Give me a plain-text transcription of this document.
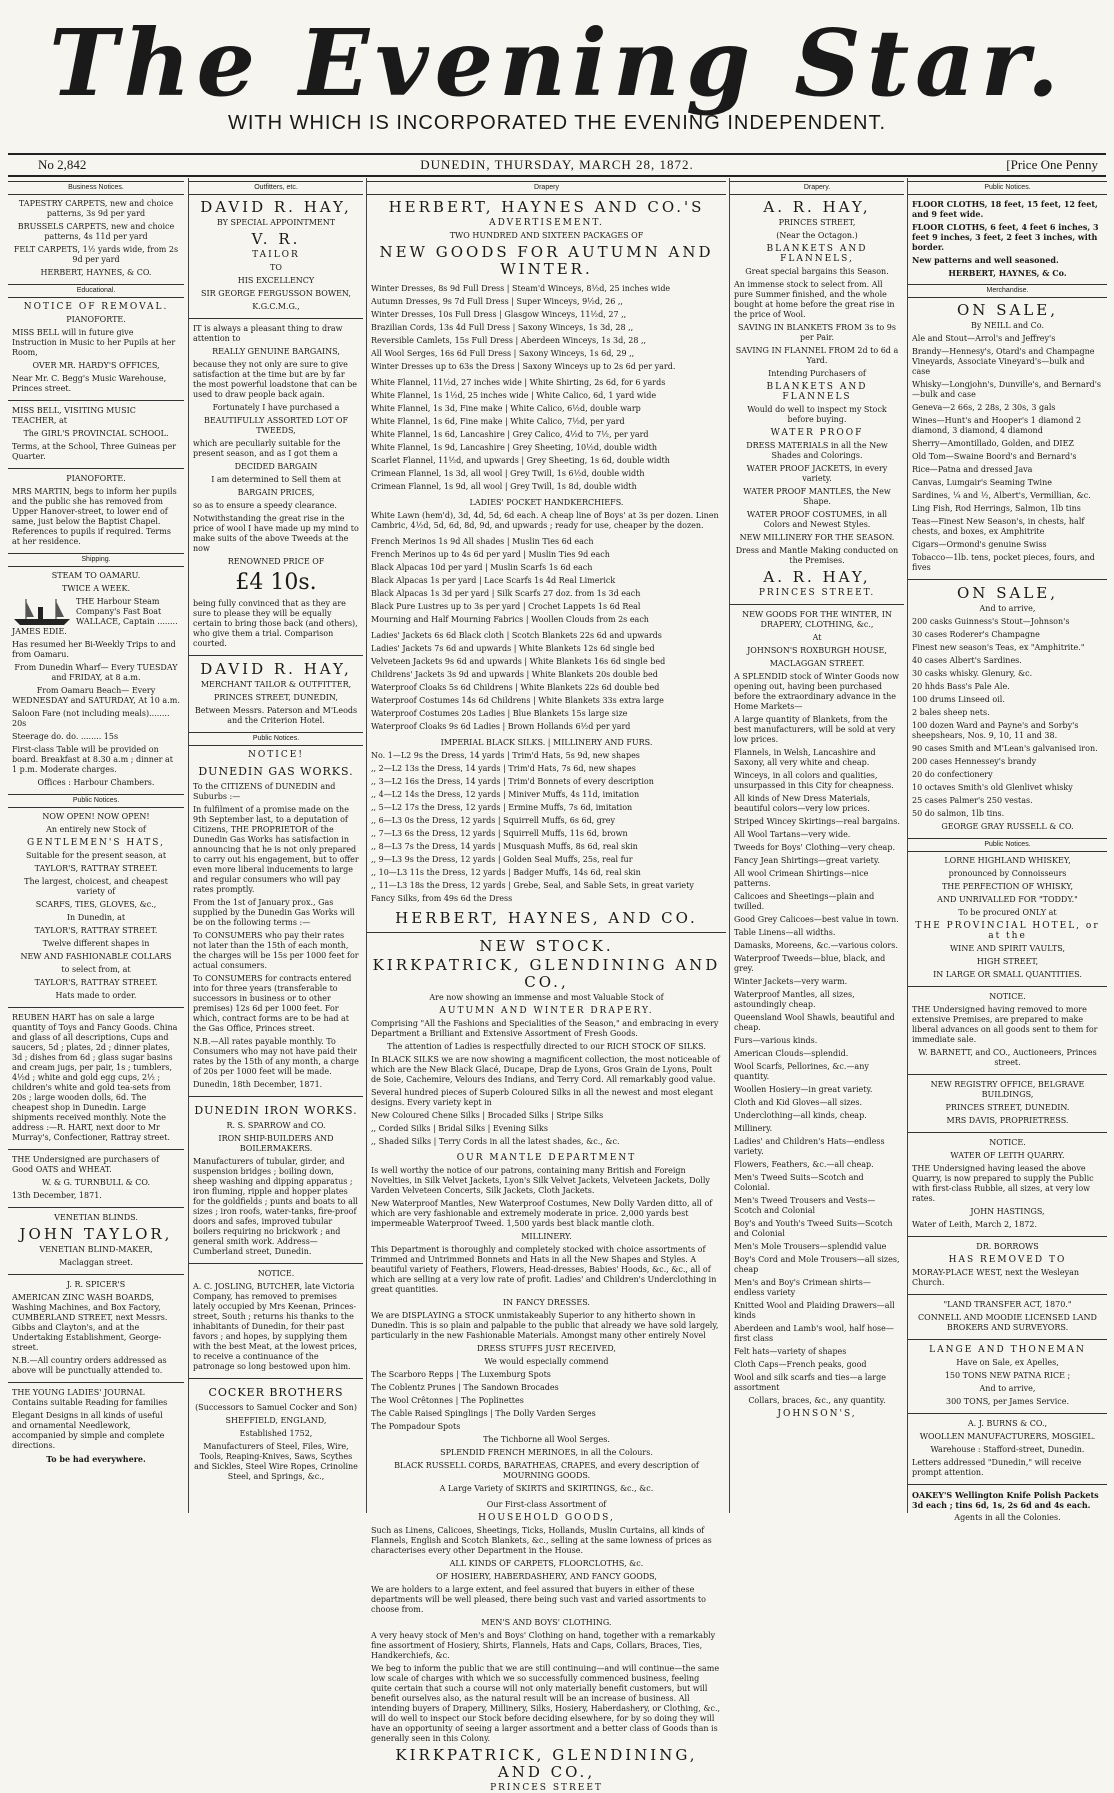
The Evening Star.
WITH WHICH IS INCORPORATED THE EVENING INDEPENDENT.
No 2,842	DUNEDIN, THURSDAY, MARCH 28, 1872.	[Price One Penny
Business Notices.

TAPESTRY CARPETS, new and choice patterns, 3s 9d per yard

BRUSSELS CARPETS, new and choice patterns, 4s 11d per yard

FELT CARPETS, 1½ yards wide, from 2s 9d per yard

HERBERT, HAYNES, & CO.

Educational.

NOTICE OF REMOVAL.

PIANOFORTE.

MISS BELL will in future give Instruction in Music to her Pupils at her Room,

OVER MR. HARDY'S OFFICES,

Near Mr. C. Begg's Music Warehouse, Princes street.

MISS BELL, VISITING MUSIC TEACHER, at

The GIRL'S PROVINCIAL SCHOOL.

Terms, at the School, Three Guineas per Quarter.

PIANOFORTE.

MRS MARTIN, begs to inform her pupils and the public she has removed from Upper Hanover-street, to lower end of same, just below the Baptist Chapel. References to pupils if required. Terms at her residence.

Shipping.

STEAM TO OAMARU.

TWICE A WEEK.

THE Harbour Steam Company's Fast Boat WALLACE, Captain ........ JAMES EDIE.

Has resumed her Bi-Weekly Trips to and from Oamaru.

From Dunedin Wharf— Every TUESDAY and FRIDAY, at 8 a.m.

From Oamaru Beach— Every WEDNESDAY and SATURDAY, At 10 a.m.

Saloon Fare (not including meals)........ 20s

Steerage do. do. ........ 15s

First-class Table will be provided on board. Breakfast at 8.30 a.m ; dinner at 1 p.m. Moderate charges.

Offices : Harbour Chambers.

Public Notices.

NOW OPEN! NOW OPEN!

An entirely new Stock of

GENTLEMEN'S HATS,

Suitable for the present season, at

TAYLOR'S, RATTRAY STREET.

The largest, choicest, and cheapest variety of

SCARFS, TIES, GLOVES, &c.,

In Dunedin, at

TAYLOR'S, RATTRAY STREET.

Twelve different shapes in

NEW AND FASHIONABLE COLLARS

to select from, at

TAYLOR'S, RATTRAY STREET.

Hats made to order.

REUBEN HART has on sale a large quantity of Toys and Fancy Goods. China and glass of all descriptions, Cups and saucers, 5d ; plates, 2d ; dinner plates, 3d ; dishes from 6d ; glass sugar basins and cream jugs, per pair, 1s ; tumblers, 4½d ; white and gold egg cups, 2½ ; children's white and gold tea-sets from 20s ; large wooden dolls, 6d. The cheapest shop in Dunedin. Large shipments received monthly. Note the address :—R. HART, next door to Mr Murray's, Confectioner, Rattray street.

THE Undersigned are purchasers of Good OATS and WHEAT.

W. & G. TURNBULL & CO.

13th December, 1871.

VENETIAN BLINDS.

JOHN TAYLOR,

VENETIAN BLIND-MAKER,

Maclaggan street.

J. R. SPICER'S

AMERICAN ZINC WASH BOARDS, Washing Machines, and Box Factory, CUMBERLAND STREET, next Messrs. Gibbs and Clayton's, and at the Undertaking Establishment, George-street.

N.B.—All country orders addressed as above will be punctually attended to.

THE YOUNG LADIES' JOURNAL Contains suitable Reading for families

Elegant Designs in all kinds of useful and ornamental Needlework, accompanied by simple and complete directions.

To be had everywhere.

Outfitters, etc.

DAVID R. HAY,

BY SPECIAL APPOINTMENT

V. R.

TAILOR

TO

HIS EXCELLENCY

SIR GEORGE FERGUSSON BOWEN,

K.G.C.M.G.,

IT is always a pleasant thing to draw attention to

REALLY GENUINE BARGAINS,

because they not only are sure to give satisfaction at the time but are by far the most powerful loadstone that can be used to draw people back again.

Fortunately I have purchased a

BEAUTIFULLY ASSORTED LOT OF TWEEDS,

which are peculiarly suitable for the present season, and as I got them a

DECIDED BARGAIN

I am determined to Sell them at

BARGAIN PRICES,

so as to ensure a speedy clearance.

Notwithstanding the great rise in the price of wool I have made up my mind to make suits of the above Tweeds at the now

RENOWNED PRICE OF

£4 10s.

being fully convinced that as they are sure to please they will be equally certain to bring those back (and others), who give them a trial. Comparison courted.

DAVID R. HAY,

MERCHANT TAILOR & OUTFITTER,

PRINCES STREET, DUNEDIN,

Between Messrs. Paterson and M'Leods and the Criterion Hotel.

Public Notices.

NOTICE!

DUNEDIN GAS WORKS.

To the CITIZENS of DUNEDIN and Suburbs :—

In fulfilment of a promise made on the 9th September last, to a deputation of Citizens, THE PROPRIETOR of the Dunedin Gas Works has satisfaction in announcing that he is not only prepared to carry out his engagement, but to offer even more liberal inducements to large and regular consumers who will pay rates promptly.

From the 1st of January prox., Gas supplied by the Dunedin Gas Works will be on the following terms :—

To CONSUMERS who pay their rates not later than the 15th of each month, the charges will be 15s per 1000 feet for actual consumers.

To CONSUMERS for contracts entered into for three years (transferable to successors in business or to other premises) 12s 6d per 1000 feet. For which, contract forms are to be had at the Gas Office, Princes street.

N.B.—All rates payable monthly. To Consumers who may not have paid their rates by the 15th of any month, a charge of 20s per 1000 feet will be made.

Dunedin, 18th December, 1871.

DUNEDIN IRON WORKS.

R. S. SPARROW and CO.

IRON SHIP-BUILDERS AND BOILERMAKERS.

Manufacturers of tubular, girder, and suspension bridges ; boiling down, sheep washing and dipping apparatus ; iron fluming, ripple and hopper plates for the goldfields ; punts and boats to all sizes ; iron roofs, water-tanks, fire-proof doors and safes, improved tubular boilers requiring no brickwork ; and general smith work. Address—Cumberland street, Dunedin.

NOTICE.

A. C. JOSLING, BUTCHER, late Victoria Company, has removed to premises lately occupied by Mrs Keenan, Princes-street, South ; returns his thanks to the inhabitants of Dunedin, for their past favors ; and hopes, by supplying them with the best Meat, at the lowest prices, to receive a continuance of the patronage so long bestowed upon him.

COCKER BROTHERS

(Successors to Samuel Cocker and Son)

SHEFFIELD, ENGLAND,

Established 1752,

Manufacturers of Steel, Files, Wire, Tools, Reaping-Knives, Saws, Scythes and Sickles, Steel Wire Ropes, Crinoline Steel, and Springs, &c.,

Drapery

HERBERT, HAYNES AND CO.'S

ADVERTISEMENT.

TWO HUNDRED AND SIXTEEN PACKAGES OF

NEW GOODS FOR AUTUMN AND WINTER.

Winter Dresses, 8s 9d Full Dress | Steam'd Winceys, 8½d, 25 inches wide

Autumn Dresses, 9s 7d Full Dress | Super Winceys, 9½d, 26 ,,

Winter Dresses, 10s Full Dress | Glasgow Winceys, 11½d, 27 ,,

Brazilian Cords, 13s 4d Full Dress | Saxony Winceys, 1s 3d, 28 ,,

Reversible Camlets, 15s Full Dress | Aberdeen Winceys, 1s 3d, 28 ,,

All Wool Serges, 16s 6d Full Dress | Saxony Winceys, 1s 6d, 29 ,,

Winter Dresses up to 63s the Dress | Saxony Winceys up to 2s 6d per yard.

White Flannel, 11½d, 27 inches wide | White Shirting, 2s 6d, for 6 yards

White Flannel, 1s 1½d, 25 inches wide | White Calico, 6d, 1 yard wide

White Flannel, 1s 3d, Fine make | White Calico, 6½d, double warp

White Flannel, 1s 6d, Fine make | White Calico, 7½d, per yard

White Flannel, 1s 6d, Lancashire | Grey Calico, 4½d to 7½, per yard

White Flannel, 1s 9d, Lancashire | Grey Sheeting, 10½d, double width

Scarlet Flannel, 11½d, and upwards | Grey Sheeting, 1s 6d, double width

Crimean Flannel, 1s 3d, all wool | Grey Twill, 1s 6½d, double width

Crimean Flannel, 1s 9d, all wool | Grey Twill, 1s 8d, double width

LADIES' POCKET HANDKERCHIEFS.

White Lawn (hem'd), 3d, 4d, 5d, 6d each. A cheap line of Boys' at 3s per dozen. Linen Cambric, 4½d, 5d, 6d, 8d, 9d, and upwards ; ready for use, cheaper by the dozen.

French Merinos 1s 9d All shades | Muslin Ties 6d each

French Merinos up to 4s 6d per yard | Muslin Ties 9d each

Black Alpacas 10d per yard | Muslin Scarfs 1s 6d each

Black Alpacas 1s per yard | Lace Scarfs 1s 4d Real Limerick

Black Alpacas 1s 3d per yard | Silk Scarfs 27 doz. from 1s 3d each

Black Pure Lustres up to 3s per yard | Crochet Lappets 1s 6d Real

Mourning and Half Mourning Fabrics | Woollen Clouds from 2s each

Ladies' Jackets 6s 6d Black cloth | Scotch Blankets 22s 6d and upwards

Ladies' Jackets 7s 6d and upwards | White Blankets 12s 6d single bed

Velveteen Jackets 9s 6d and upwards | White Blankets 16s 6d single bed

Childrens' Jackets 3s 9d and upwards | White Blankets 20s double bed

Waterproof Cloaks 5s 6d Childrens | White Blankets 22s 6d double bed

Waterproof Costumes 14s 6d Childrens | White Blankets 33s extra large

Waterproof Costumes 20s Ladies | Blue Blankets 15s large size

Waterproof Cloaks 9s 6d Ladies | Brown Hollands 6½d per yard

IMPERIAL BLACK SILKS. | MILLINERY AND FURS.

No. 1—L2 9s the Dress, 14 yards | Trim'd Hats, 5s 9d, new shapes

,, 2—L2 13s the Dress, 14 yards | Trim'd Hats, 7s 6d, new shapes

,, 3—L2 16s the Dress, 14 yards | Trim'd Bonnets of every description

,, 4—L2 14s the Dress, 12 yards | Miniver Muffs, 4s 11d, imitation

,, 5—L2 17s the Dress, 12 yards | Ermine Muffs, 7s 6d, imitation

,, 6—L3 0s the Dress, 12 yards | Squirrell Muffs, 6s 6d, grey

,, 7—L3 6s the Dress, 12 yards | Squirrell Muffs, 11s 6d, brown

,, 8—L3 7s the Dress, 14 yards | Musquash Muffs, 8s 6d, real skin

,, 9—L3 9s the Dress, 12 yards | Golden Seal Muffs, 25s, real fur

,, 10—L3 11s the Dress, 12 yards | Badger Muffs, 14s 6d, real skin

,, 11—L3 18s the Dress, 12 yards | Grebe, Seal, and Sable Sets, in great variety

Fancy Silks, from 49s 6d the Dress

HERBERT, HAYNES, AND CO.

NEW STOCK.

KIRKPATRICK, GLENDINING AND CO.,

Are now showing an immense and most Valuable Stock of

AUTUMN AND WINTER DRAPERY.

Comprising "All the Fashions and Specialities of the Season," and embracing in every Department a Brilliant and Extensive Assortment of Fresh Goods.

The attention of Ladies is respectfully directed to our RICH STOCK OF SILKS.

In BLACK SILKS we are now showing a magnificent collection, the most noticeable of which are the New Black Glacé, Ducape, Drap de Lyons, Gros Grain de Lyons, Poult de Soie, Cachemire, Velours des Indians, and Terry Cord. All remarkably good value.

Several hundred pieces of Superb Coloured Silks in all the newest and most elegant designs. Every variety kept in

New Coloured Chene Silks | Brocaded Silks | Stripe Silks

,, Corded Silks | Bridal Silks | Evening Silks

,, Shaded Silks | Terry Cords in all the latest shades, &c., &c.

OUR MANTLE DEPARTMENT

Is well worthy the notice of our patrons, containing many British and Foreign Novelties, in Silk Velvet Jackets, Lyon's Silk Velvet Jackets, Velveteen Jackets, Dolly Varden Velveteen Concerts, Silk Jackets, Cloth Jackets.

New Waterproof Mantles, New Waterproof Costumes, New Dolly Varden ditto, all of which are very fashionable and extremely moderate in price. 2,000 yards best impermeable Waterproof Tweed. 1,500 yards best black mantle cloth.

MILLINERY.

This Department is thoroughly and completely stocked with choice assortments of Trimmed and Untrimmed Bonnets and Hats in all the New Shapes and Styles. A beautiful variety of Feathers, Flowers, Head-dresses, Babies' Hoods, &c., &c., all of which are selling at a very low rate of profit. Ladies' and Children's Underclothing in great quantities.

IN FANCY DRESSES.

We are DISPLAYING a STOCK unmistakeably Superior to any hitherto shown in Dunedin. This is so plain and palpable to the public that already we have sold largely, particularly in the new Fashionable Materials. Amongst many other entirely Novel

DRESS STUFFS JUST RECEIVED,

We would especially commend

The Scarboro Repps | The Luxemburg Spots

The Coblentz Prunes | The Sandown Brocades

The Wool Crêtonnes | The Poplinettes

The Cable Raised Spinglings | The Dolly Varden Serges

The Pompadour Spots

The Tichborne all Wool Serges.

SPLENDID FRENCH MERINOES, in all the Colours.

BLACK RUSSELL CORDS, BARATHEAS, CRAPES, and every description of MOURNING GOODS.

A Large Variety of SKIRTS and SKIRTINGS, &c., &c.

Our First-class Assortment of

HOUSEHOLD GOODS,

Such as Linens, Calicoes, Sheetings, Ticks, Hollands, Muslin Curtains, all kinds of Flannels, English and Scotch Blankets, &c., selling at the same lowness of prices as characterises every other Department in the House.

ALL KINDS OF CARPETS, FLOORCLOTHS, &c.

OF HOSIERY, HABERDASHERY, AND FANCY GOODS,

We are holders to a large extent, and feel assured that buyers in either of these departments will be well pleased, there being such vast and varied assortments to choose from.

MEN'S AND BOYS' CLOTHING.

A very heavy stock of Men's and Boys' Clothing on hand, together with a remarkably fine assortment of Hosiery, Shirts, Flannels, Hats and Caps, Collars, Braces, Ties, Handkerchiefs, &c.

We beg to inform the public that we are still continuing—and will continue—the same low scale of charges with which we so successfully commenced business, feeling quite certain that such a course will not only materially benefit customers, but will benefit ourselves also, as the natural result will be an increase of business. All intending buyers of Drapery, Millinery, Silks, Hosiery, Haberdashery, or Clothing, &c., will do well to inspect our Stock before deciding elsewhere, for by so doing they will have an opportunity of seeing a larger assortment and a better class of Goods than is generally seen in this Colony.

KIRKPATRICK, GLENDINING, AND CO.,

PRINCES STREET

Drapery.

A. R. HAY,

PRINCES STREET,

(Near the Octagon.)

BLANKETS AND FLANNELS,

Great special bargains this Season.

An immense stock to select from. All pure Summer finished, and the whole bought at home before the great rise in the price of Wool.

SAVING IN BLANKETS FROM 3s to 9s per Pair.

SAVING IN FLANNEL FROM 2d to 6d a Yard.

Intending Purchasers of

BLANKETS AND FLANNELS

Would do well to inspect my Stock before buying.

WATER PROOF

DRESS MATERIALS in all the New Shades and Colorings.

WATER PROOF JACKETS, in every variety.

WATER PROOF MANTLES, the New Shape.

WATER PROOF COSTUMES, in all Colors and Newest Styles.

NEW MILLINERY FOR THE SEASON.

Dress and Mantle Making conducted on the Premises.

A. R. HAY,

PRINCES STREET.

NEW GOODS FOR THE WINTER, IN DRAPERY, CLOTHING, &c.,

At

JOHNSON'S ROXBURGH HOUSE,

MACLAGGAN STREET.

A SPLENDID stock of Winter Goods now opening out, having been purchased before the extraordinary advance in the Home Markets—

A large quantity of Blankets, from the best manufacturers, will be sold at very low prices.

Flannels, in Welsh, Lancashire and Saxony, all very white and cheap.

Winceys, in all colors and qualities, unsurpassed in this City for cheapness.

All kinds of New Dress Materials, beautiful colors—very low prices.

Striped Wincey Skirtings—real bargains.

All Wool Tartans—very wide.

Tweeds for Boys' Clothing—very cheap.

Fancy Jean Shirtings—great variety.

All wool Crimean Shirtings—nice patterns.

Calicoes and Sheetings—plain and twilled.

Good Grey Calicoes—best value in town.

Table Linens—all widths.

Damasks, Moreens, &c.—various colors.

Waterproof Tweeds—blue, black, and grey.

Winter Jackets—very warm.

Waterproof Mantles, all sizes, astoundingly cheap.

Queensland Wool Shawls, beautiful and cheap.

Furs—various kinds.

American Clouds—splendid.

Wool Scarfs, Pellorines, &c.—any quantity.

Woollen Hosiery—in great variety.

Cloth and Kid Gloves—all sizes.

Underclothing—all kinds, cheap.

Millinery.

Ladies' and Children's Hats—endless variety.

Flowers, Feathers, &c.—all cheap.

Men's Tweed Suits—Scotch and Colonial.

Men's Tweed Trousers and Vests—Scotch and Colonial

Boy's and Youth's Tweed Suits—Scotch and Colonial

Men's Mole Trousers—splendid value

Boy's Cord and Mole Trousers—all sizes, cheap

Men's and Boy's Crimean shirts—endless variety

Knitted Wool and Plaiding Drawers—all kinds

Aberdeen and Lamb's wool, half hose—first class

Felt hats—variety of shapes

Cloth Caps—French peaks, good

Wool and silk scarfs and ties—a large assortment

Collars, braces, &c., any quantity.

JOHNSON'S,

Public Notices.

FLOOR CLOTHS, 18 feet, 15 feet, 12 feet, and 9 feet wide.

FLOOR CLOTHS, 6 feet, 4 feet 6 inches, 3 feet 9 inches, 3 feet, 2 feet 3 inches, with border.

New patterns and well seasoned.

HERBERT, HAYNES, & Co.

Merchandise.

ON SALE,

By NEILL and Co.

Ale and Stout—Arrol's and Jeffrey's

Brandy—Hennesy's, Otard's and Champagne Vineyards, Associate Vineyard's—bulk and case

Whisky—Longjohn's, Dunville's, and Bernard's—bulk and case

Geneva—2 66s, 2 28s, 2 30s, 3 gals

Wines—Hunt's and Hooper's 1 diamond 2 diamond, 3 diamond, 4 diamond

Sherry—Amontillado, Golden, and DIEZ

Old Tom—Swaine Boord's and Bernard's

Rice—Patna and dressed Java

Canvas, Lumgair's Seaming Twine

Sardines, ¼ and ½, Albert's, Vermillian, &c.

Ling Fish, Rod Herrings, Salmon, 1lb tins

Teas—Finest New Season's, in chests, half chests, and boxes, ex Amphitrite

Cigars—Ormond's genuine Swiss

Tobacco—1lb. tens, pocket pieces, fours, and fives

ON SALE,

And to arrive,

200 casks Guinness's Stout—Johnson's

30 cases Roderer's Champagne

Finest new season's Teas, ex "Amphitrite."

40 cases Albert's Sardines.

30 casks whisky. Glenury, &c.

20 hhds Bass's Pale Ale.

100 drums Linseed oil.

2 bales sheep nets.

100 dozen Ward and Payne's and Sorby's sheepshears, Nos. 9, 10, 11 and 38.

90 cases Smith and M'Lean's galvanised iron.

200 cases Hennessey's brandy

20 do confectionery

10 octaves Smith's old Glenlivet whisky

25 cases Palmer's 250 vestas.

50 do salmon, 1lb tins.

GEORGE GRAY RUSSELL & CO.

Public Notices.

LORNE HIGHLAND WHISKEY,

pronounced by Connoisseurs

THE PERFECTION OF WHISKY,

AND UNRIVALLED FOR "TODDY."

To be procured ONLY at

THE PROVINCIAL HOTEL, or at the

WINE AND SPIRIT VAULTS,

HIGH STREET,

IN LARGE OR SMALL QUANTITIES.

NOTICE.

THE Undersigned having removed to more extensive Premises, are prepared to make liberal advances on all goods sent to them for immediate sale.

W. BARNETT, and CO., Auctioneers, Princes street.

NEW REGISTRY OFFICE, BELGRAVE BUILDINGS,

PRINCES STREET, DUNEDIN.

MRS DAVIS, PROPRIETRESS.

NOTICE.

WATER OF LEITH QUARRY.

THE Undersigned having leased the above Quarry, is now prepared to supply the Public with first-class Rubble, all sizes, at very low rates.

JOHN HASTINGS,

Water of Leith, March 2, 1872.

DR. BORROWS

HAS REMOVED TO

MORAY-PLACE WEST, next the Wesleyan Church.

"LAND TRANSFER ACT, 1870."

CONNELL AND MOODIE LICENSED LAND BROKERS AND SURVEYORS.

LANGE AND THONEMAN

Have on Sale, ex Apelles,

150 TONS NEW PATNA RICE ;

And to arrive,

300 TONS, per James Service.

A. J. BURNS & CO.,

WOOLLEN MANUFACTURERS, MOSGIEL.

Warehouse : Stafford-street, Dunedin.

Letters addressed "Dunedin," will receive prompt attention.

OAKEY'S Wellington Knife Polish Packets 3d each ; tins 6d, 1s, 2s 6d and 4s each.

Agents in all the Colonies.
